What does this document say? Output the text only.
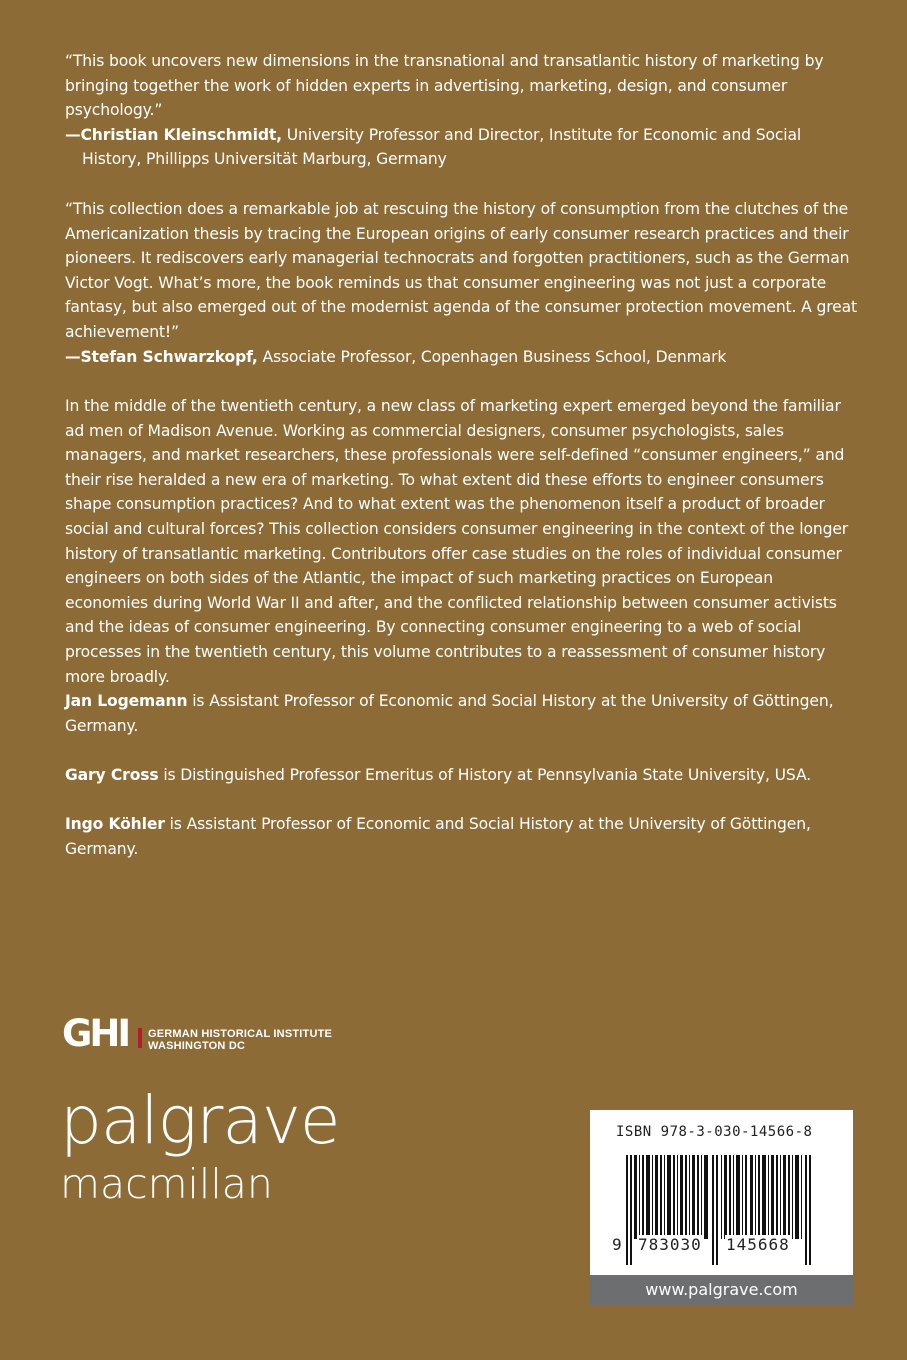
“This book uncovers new dimensions in the transnational and transatlantic history of marketing by bringing together the work of hidden experts in advertising, marketing, design, and consumer psychology.”

—Christian Kleinschmidt, University Professor and Director, Institute for Economic and Social History, Phillipps Universität Marburg, Germany

“This collection does a remarkable job at rescuing the history of consumption from the clutches of the Americanization thesis by tracing the European origins of early consumer research practices and their pioneers. It rediscovers early managerial technocrats and forgotten practitioners, such as the German Victor Vogt. What’s more, the book reminds us that consumer engineering was not just a corporate fantasy, but also emerged out of the modernist agenda of the consumer protection movement. A great achievement!”

—Stefan Schwarzkopf, Associate Professor, Copenhagen Business School, Denmark

In the middle of the twentieth century, a new class of marketing expert emerged beyond the familiar ad men of Madison Avenue. Working as commercial designers, consumer psychologists, sales managers, and market researchers, these professionals were self-defined “consumer engineers,” and their rise heralded a new era of marketing. To what extent did these efforts to engineer consumers shape consumption practices? And to what extent was the phenomenon itself a product of broader social and cultural forces? This collection considers consumer engineering in the context of the longer history of transatlantic marketing. Contributors offer case studies on the roles of individual consumer engineers on both sides of the Atlantic, the impact of such marketing practices on European economies during World War II and after, and the conflicted relationship between consumer activists and the ideas of consumer engineering. By connecting consumer engineering to a web of social processes in the twentieth century, this volume contributes to a reassessment of consumer history more broadly.

Jan Logemann is Assistant Professor of Economic and Social History at the University of Göttingen, Germany.

Gary Cross is Distinguished Professor Emeritus of History at Pennsylvania State University, USA.

Ingo Köhler is Assistant Professor of Economic and Social History at the University of Göttingen, Germany.

GHI GERMAN HISTORICAL INSTITUTE
WASHINGTON DC
palgrave
macmillan
ISBN 978-3-030-14566-8
9 783030 145668
www.palgrave.com
